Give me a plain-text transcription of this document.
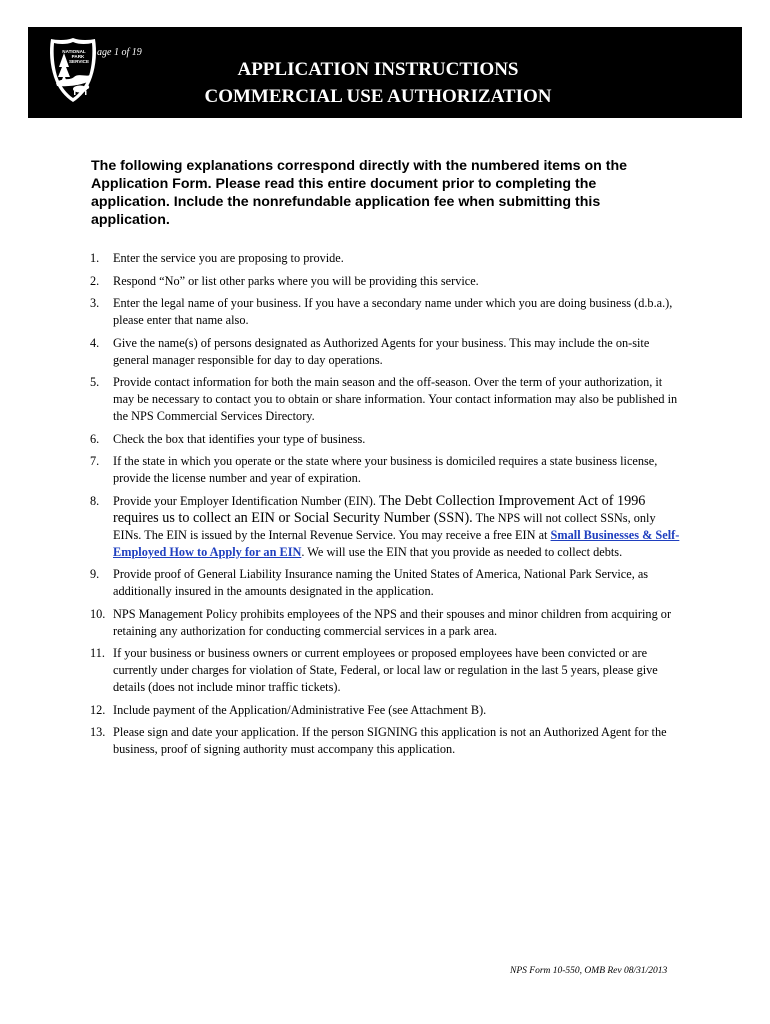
NATIONAL
PARK
SERVICE
age 1 of 19
APPLICATION INSTRUCTIONS
COMMERCIAL USE AUTHORIZATION

The following explanations correspond directly with the numbered items on the Application Form. Please read this entire document prior to completing the application. Include the nonrefundable application fee when submitting this application.

1.	Enter the service you are proposing to provide.
2.	Respond “No” or list other parks where you will be providing this service.
3.	Enter the legal name of your business. If you have a secondary name under which you are doing business (d.b.a.), please enter that name also.
4.	Give the name(s) of persons designated as Authorized Agents for your business. This may include the on-site general manager responsible for day to day operations.
5.	Provide contact information for both the main season and the off-season. Over the term of your authorization, it may be necessary to contact you to obtain or share information. Your contact information may also be published in the NPS Commercial Services Directory.
6.	Check the box that identifies your type of business.
7.	If the state in which you operate or the state where your business is domiciled requires a state business license, provide the license number and year of expiration.
8.	Provide your Employer Identification Number (EIN). The Debt Collection Improvement Act of 1996 requires us to collect an EIN or Social Security Number (SSN). The NPS will not collect SSNs, only EINs. The EIN is issued by the Internal Revenue Service. You may receive a free EIN at Small Businesses & Self-Employed How to Apply for an EIN. We will use the EIN that you provide as needed to collect debts.
9.	Provide proof of General Liability Insurance naming the United States of America, National Park Service, as additionally insured in the amounts designated in the application.
10. NPS Management Policy prohibits employees of the NPS and their spouses and minor children from acquiring or retaining any authorization for conducting commercial services in a park area.
11. If your business or business owners or current employees or proposed employees have been convicted or are currently under charges for violation of State, Federal, or local law or regulation in the last 5 years, please give details (does not include minor traffic tickets).
12. Include payment of the Application/Administrative Fee (see Attachment B).
13. Please sign and date your application. If the person SIGNING this application is not an Authorized Agent for the business, proof of signing authority must accompany this application.
NPS Form 10-550, OMB Rev 08/31/2013
